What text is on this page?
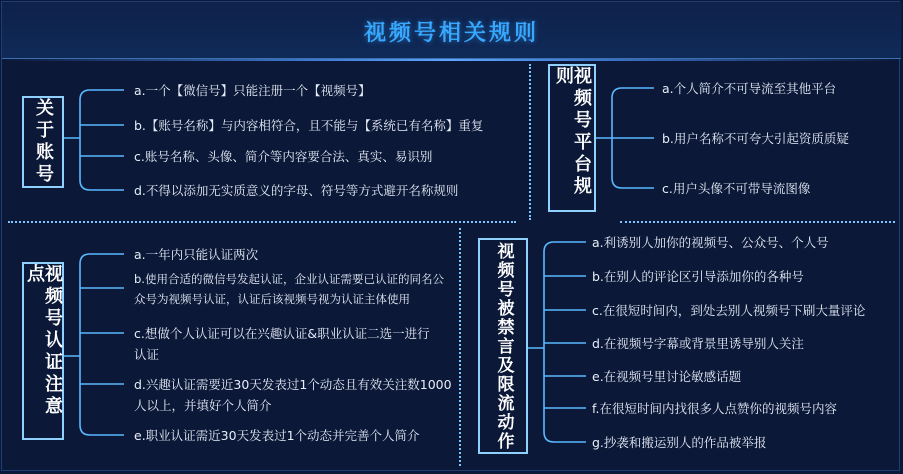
视频号相关规则
关于账号
a.一个【微信号】只能注册一个【视频号】
b.【账号名称】与内容相符合，且不能与【系统已有名称】重复
c.账号名称、头像、简介等内容要合法、真实、易识别
d.不得以添加无实质意义的字母、符号等方式避开名称规则	视频号平台规则
a.个人简介不可导流至其他平台
b.用户名称不可夸大引起资质质疑
c.用户头像不可带导流图像
视频号认证注意点
a.一年内只能认证两次
b.使用合适的微信号发起认证，企业认证需要已认证的同名公众号为视频号认证，认证后该视频号视为认证主体使用
c.想做个人认证可以在兴趣认证&职业认证二选一进行认证
d.兴趣认证需要近30天发表过1个动态且有效关注数1000人以上，并填好个人简介
e.职业认证需近30天发表过1个动态并完善个人简介	视频号被禁言及限流动作	a.利诱别人加你的视频号、公众号、个人号
b.在别人的评论区引导添加你的各种号
c.在很短时间内，到处去别人视频号下刷大量评论
d.在视频号字幕或背景里诱导别人关注
e.在视频号里讨论敏感话题
f.在很短时间内找很多人点赞你的视频号内容
g.抄袭和搬运别人的作品被举报
